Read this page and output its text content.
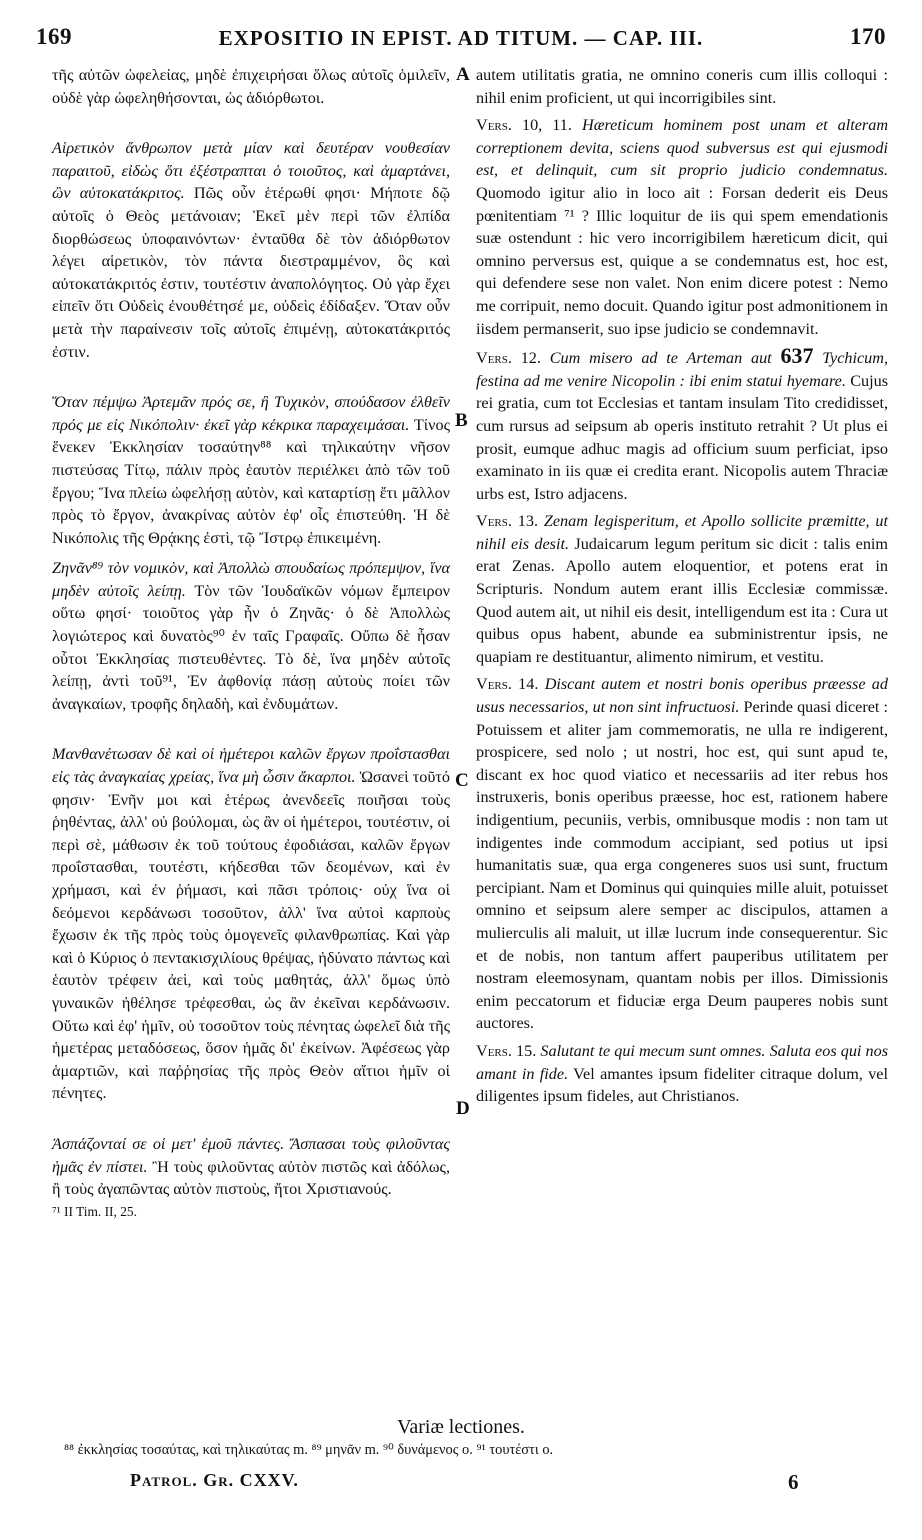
169	EXPOSITIO IN EPIST. AD TITUM. — CAP. III.	170

τῆς αὐτῶν ὠφελείας, μηδὲ ἐπιχειρήσαι ὅλως αὐτοῖς ὁμιλεῖν, οὐδὲ γὰρ ὠφεληθήσονται, ὡς ἀδιόρθωτοι.

Αἱρετικὸν ἄνθρωπον μετὰ μίαν καὶ δευτέραν νουθεσίαν παραιτοῦ, εἰδὼς ὅτι ἐξέστραπται ὁ τοιοῦτος, καὶ ἁμαρτάνει, ὢν αὐτοκατάκριτος. Πῶς οὖν ἑτέρωθί φησι· Μήποτε δῷ αὐτοῖς ὁ Θεὸς μετάνοιαν; Ἐκεῖ μὲν περὶ τῶν ἐλπίδα διορθώσεως ὑποφαινόντων· ἐνταῦθα δὲ τὸν ἀδιόρθωτον λέγει αἱρετικὸν, τὸν πάντα διεστραμμένον, ὃς καὶ αὐτοκατάκριτός ἐστιν, τουτέστιν ἀναπολόγητος. Οὐ γὰρ ἔχει εἰπεῖν ὅτι Οὐδεὶς ἐνουθέτησέ με, οὐδεὶς ἐδίδαξεν. Ὅταν οὖν μετὰ τὴν παραίνεσιν τοῖς αὐτοῖς ἐπιμένῃ, αὐτοκατάκριτός ἐστιν.

Ὅταν πέμψω Ἀρτεμᾶν πρός σε, ἢ Τυχικὸν, σπούδασον ἐλθεῖν πρός με εἰς Νικόπολιν· ἐκεῖ γὰρ κέκρικα παραχειμάσαι. Τίνος ἕνεκεν Ἐκκλησίαν τοσαύτην⁸⁸ καὶ τηλικαύτην νῆσον πιστεύσας Τίτῳ, πάλιν πρὸς ἑαυτὸν περιέλκει ἀπὸ τῶν τοῦ ἔργου; Ἵνα πλείω ὠφελήσῃ αὐτὸν, καὶ καταρτίσῃ ἔτι μᾶλλον πρὸς τὸ ἔργον, ἀνακρίνας αὐτὸν ἐφ' οἷς ἐπιστεύθη. Ἡ δὲ Νικόπολις τῆς Θρᾴκης ἐστὶ, τῷ Ἴστρῳ ἐπικειμένη.

Ζηνᾶν⁸⁹ τὸν νομικὸν, καὶ Ἀπολλὼ σπουδαίως πρόπεμψον, ἵνα μηδὲν αὐτοῖς λείπῃ. Τὸν τῶν Ἰουδαϊκῶν νόμων ἔμπειρον οὕτω φησί· τοιοῦτος γὰρ ἦν ὁ Ζηνᾶς· ὁ δὲ Ἀπολλὼς λογιώτερος καὶ δυνατὸς⁹⁰ ἐν ταῖς Γραφαῖς. Οὔπω δὲ ἦσαν οὗτοι Ἐκκλησίας πιστευθέντες. Τὸ δὲ, ἵνα μηδὲν αὐτοῖς λείπῃ, ἀντὶ τοῦ⁹¹, Ἐν ἀφθονίᾳ πάσῃ αὐτοὺς ποίει τῶν ἀναγκαίων, τροφῆς δηλαδὴ, καὶ ἐνδυμάτων.

Μανθανέτωσαν δὲ καὶ οἱ ἡμέτεροι καλῶν ἔργων προΐστασθαι εἰς τὰς ἀναγκαίας χρείας, ἵνα μὴ ὦσιν ἄκαρποι. Ὡσανεὶ τοῦτό φησιν· Ἐνῆν μοι καὶ ἑτέρως ἀνενδεεῖς ποιῆσαι τοὺς ῥηθέντας, ἀλλ' οὐ βούλομαι, ὡς ἂν οἱ ἡμέτεροι, τουτέστιν, οἱ περὶ σὲ, μάθωσιν ἐκ τοῦ τούτους ἐφοδιάσαι, καλῶν ἔργων προΐστασθαι, τουτέστι, κήδεσθαι τῶν δεομένων, καὶ ἐν χρήμασι, καὶ ἐν ῥήμασι, καὶ πᾶσι τρόποις· οὐχ ἵνα οἱ δεόμενοι κερδάνωσι τοσοῦτον, ἀλλ' ἵνα αὐτοὶ καρποὺς ἔχωσιν ἐκ τῆς πρὸς τοὺς ὁμογενεῖς φιλανθρωπίας. Καὶ γὰρ καὶ ὁ Κύριος ὁ πεντακισχιλίους θρέψας, ἠδύνατο πάντως καὶ ἑαυτὸν τρέφειν ἀεὶ, καὶ τοὺς μαθητάς, ἀλλ' ὅμως ὑπὸ γυναικῶν ἠθέλησε τρέφεσθαι, ὡς ἂν ἐκεῖναι κερδάνωσιν. Οὕτω καὶ ἐφ' ἡμῖν, οὐ τοσοῦτον τοὺς πένητας ὠφελεῖ διὰ τῆς ἡμετέρας μεταδόσεως, ὅσον ἡμᾶς δι' ἐκείνων. Ἀφέσεως γὰρ ἁμαρτιῶν, καὶ παῤῥησίας τῆς πρὸς Θεὸν αἴτιοι ἡμῖν οἱ πένητες.

Ἀσπάζονταί σε οἱ μετ' ἐμοῦ πάντες. Ἄσπασαι τοὺς φιλοῦντας ἡμᾶς ἐν πίστει. Ἢ τοὺς φιλοῦντας αὐτὸν πιστῶς καὶ ἀδόλως, ἢ τοὺς ἀγαπῶντας αὐτὸν πιστοὺς, ἤτοι Χριστιανούς.

⁷¹ II Tim. II, 25.

A
B
C
D

autem utilitatis gratia, ne omnino coneris cum illis colloqui : nihil enim proficient, ut qui incorrigibiles sint.

Vers. 10, 11. Hæreticum hominem post unam et alteram correptionem devita, sciens quod subversus est qui ejusmodi est, et delinquit, cum sit proprio judicio condemnatus. Quomodo igitur alio in loco ait : Forsan dederit eis Deus pœnitentiam ⁷¹ ? Illic loquitur de iis qui spem emendationis suæ ostendunt : hic vero incorrigibilem hæreticum dicit, qui omnino perversus est, quique a se condemnatus est, hoc est, qui defendere sese non valet. Non enim dicere potest : Nemo me corripuit, nemo docuit. Quando igitur post admonitionem in iisdem permanserit, suo ipse judicio se condemnavit.

Vers. 12. Cum misero ad te Arteman aut 637 Tychicum, festina ad me venire Nicopolin : ibi enim statui hyemare. Cujus rei gratia, cum tot Ecclesias et tantam insulam Tito credidisset, cum rursus ad seipsum ab operis instituto retrahit ? Ut plus ei prosit, eumque adhuc magis ad officium suum perficiat, ipso examinato in iis quæ ei credita erant. Nicopolis autem Thraciæ urbs est, Istro adjacens.

Vers. 13. Zenam legisperitum, et Apollo sollicite præmitte, ut nihil eis desit. Judaicarum legum peritum sic dicit : talis enim erat Zenas. Apollo autem eloquentior, et potens erat in Scripturis. Nondum autem erant illis Ecclesiæ commissæ. Quod autem ait, ut nihil eis desit, intelligendum est ita : Cura ut quibus opus habent, abunde ea subministrentur ipsis, ne quapiam re destituantur, alimento nimirum, et vestitu.

Vers. 14. Discant autem et nostri bonis operibus præesse ad usus necessarios, ut non sint infructuosi. Perinde quasi diceret : Potuissem et aliter jam commemoratis, ne ulla re indigerent, prospicere, sed nolo ; ut nostri, hoc est, qui sunt apud te, discant ex hoc quod viatico et necessariis ad iter rebus hos instruxeris, bonis operibus præesse, hoc est, rationem habere indigentium, pecuniis, verbis, omnibusque modis : non tam ut indigentes inde commodum accipiant, sed potius ut ipsi humanitatis suæ, qua erga congeneres suos usi sunt, fructum percipiant. Nam et Dominus qui quinquies mille aluit, potuisset omnino et seipsum alere semper ac discipulos, attamen a mulierculis ali maluit, ut illæ lucrum inde consequerentur. Sic et de nobis, non tantum affert pauperibus utilitatem per nostram eleemosynam, quantam nobis per illos. Dimissionis enim peccatorum et fiduciæ erga Deum pauperes nobis sunt auctores.

Vers. 15. Salutant te qui mecum sunt omnes. Saluta eos qui nos amant in fide. Vel amantes ipsum fideliter citraque dolum, vel diligentes ipsum fideles, aut Christianos.

Variæ lectiones.
⁸⁸ ἐκκλησίας τοσαύτας, καὶ τηλικαύτας m. ⁸⁹ μηνᾶν m. ⁹⁰ δυνάμενος o. ⁹¹ τουτέστι o.
Patrol. Gr. CXXV.	6
